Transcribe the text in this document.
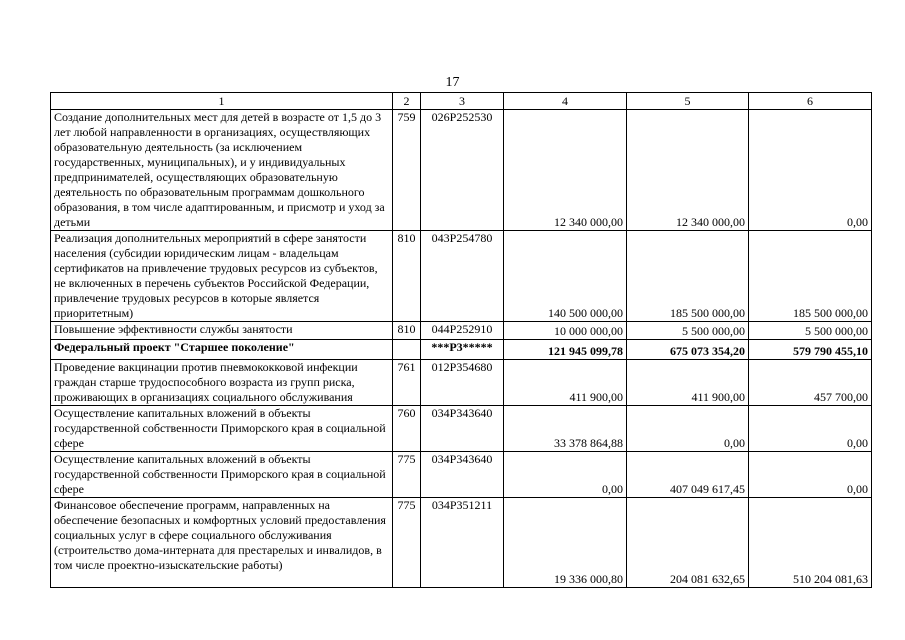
17
1	2	3	4	5	6
Создание дополнительных мест для детей в возрасте от 1,5 до 3 лет любой направленности в организациях, осуществляющих образовательную деятельность (за исключением государственных, муниципальных), и у индивидуальных предпринимателей, осуществляющих образовательную деятельность по образовательным программам дошкольного образования, в том числе адаптированным, и присмотр и уход за детьми	759	026P252530	12 340 000,00	12 340 000,00	0,00
Реализация дополнительных мероприятий в сфере занятости населения (субсидии юридическим лицам - владельцам сертификатов на привлечение трудовых ресурсов из субъектов, не включенных в перечень субъектов Российской Федерации, привлечение трудовых ресурсов в которые является приоритетным)	810	043P254780	140 500 000,00	185 500 000,00	185 500 000,00
Повышение эффективности службы занятости	810	044P252910	10 000 000,00	5 500 000,00	5 500 000,00
Федеральный проект "Старшее поколение"		***P3*****	121 945 099,78	675 073 354,20	579 790 455,10
Проведение вакцинации против пневмококковой инфекции граждан старше трудоспособного возраста из групп риска, проживающих в организациях социального обслуживания	761	012P354680	411 900,00	411 900,00	457 700,00
Осуществление капитальных вложений в объекты государственной собственности Приморского края в социальной сфере	760	034P343640	33 378 864,88	0,00	0,00
Осуществление капитальных вложений в объекты государственной собственности Приморского края в социальной сфере	775	034P343640	0,00	407 049 617,45	0,00
Финансовое обеспечение программ, направленных на обеспечение безопасных и комфортных условий предоставления социальных услуг в сфере социального обслуживания (строительство дома-интерната для престарелых и инвалидов, в том числе проектно-изыскательские работы)	775	034P351211	19 336 000,80	204 081 632,65	510 204 081,63
